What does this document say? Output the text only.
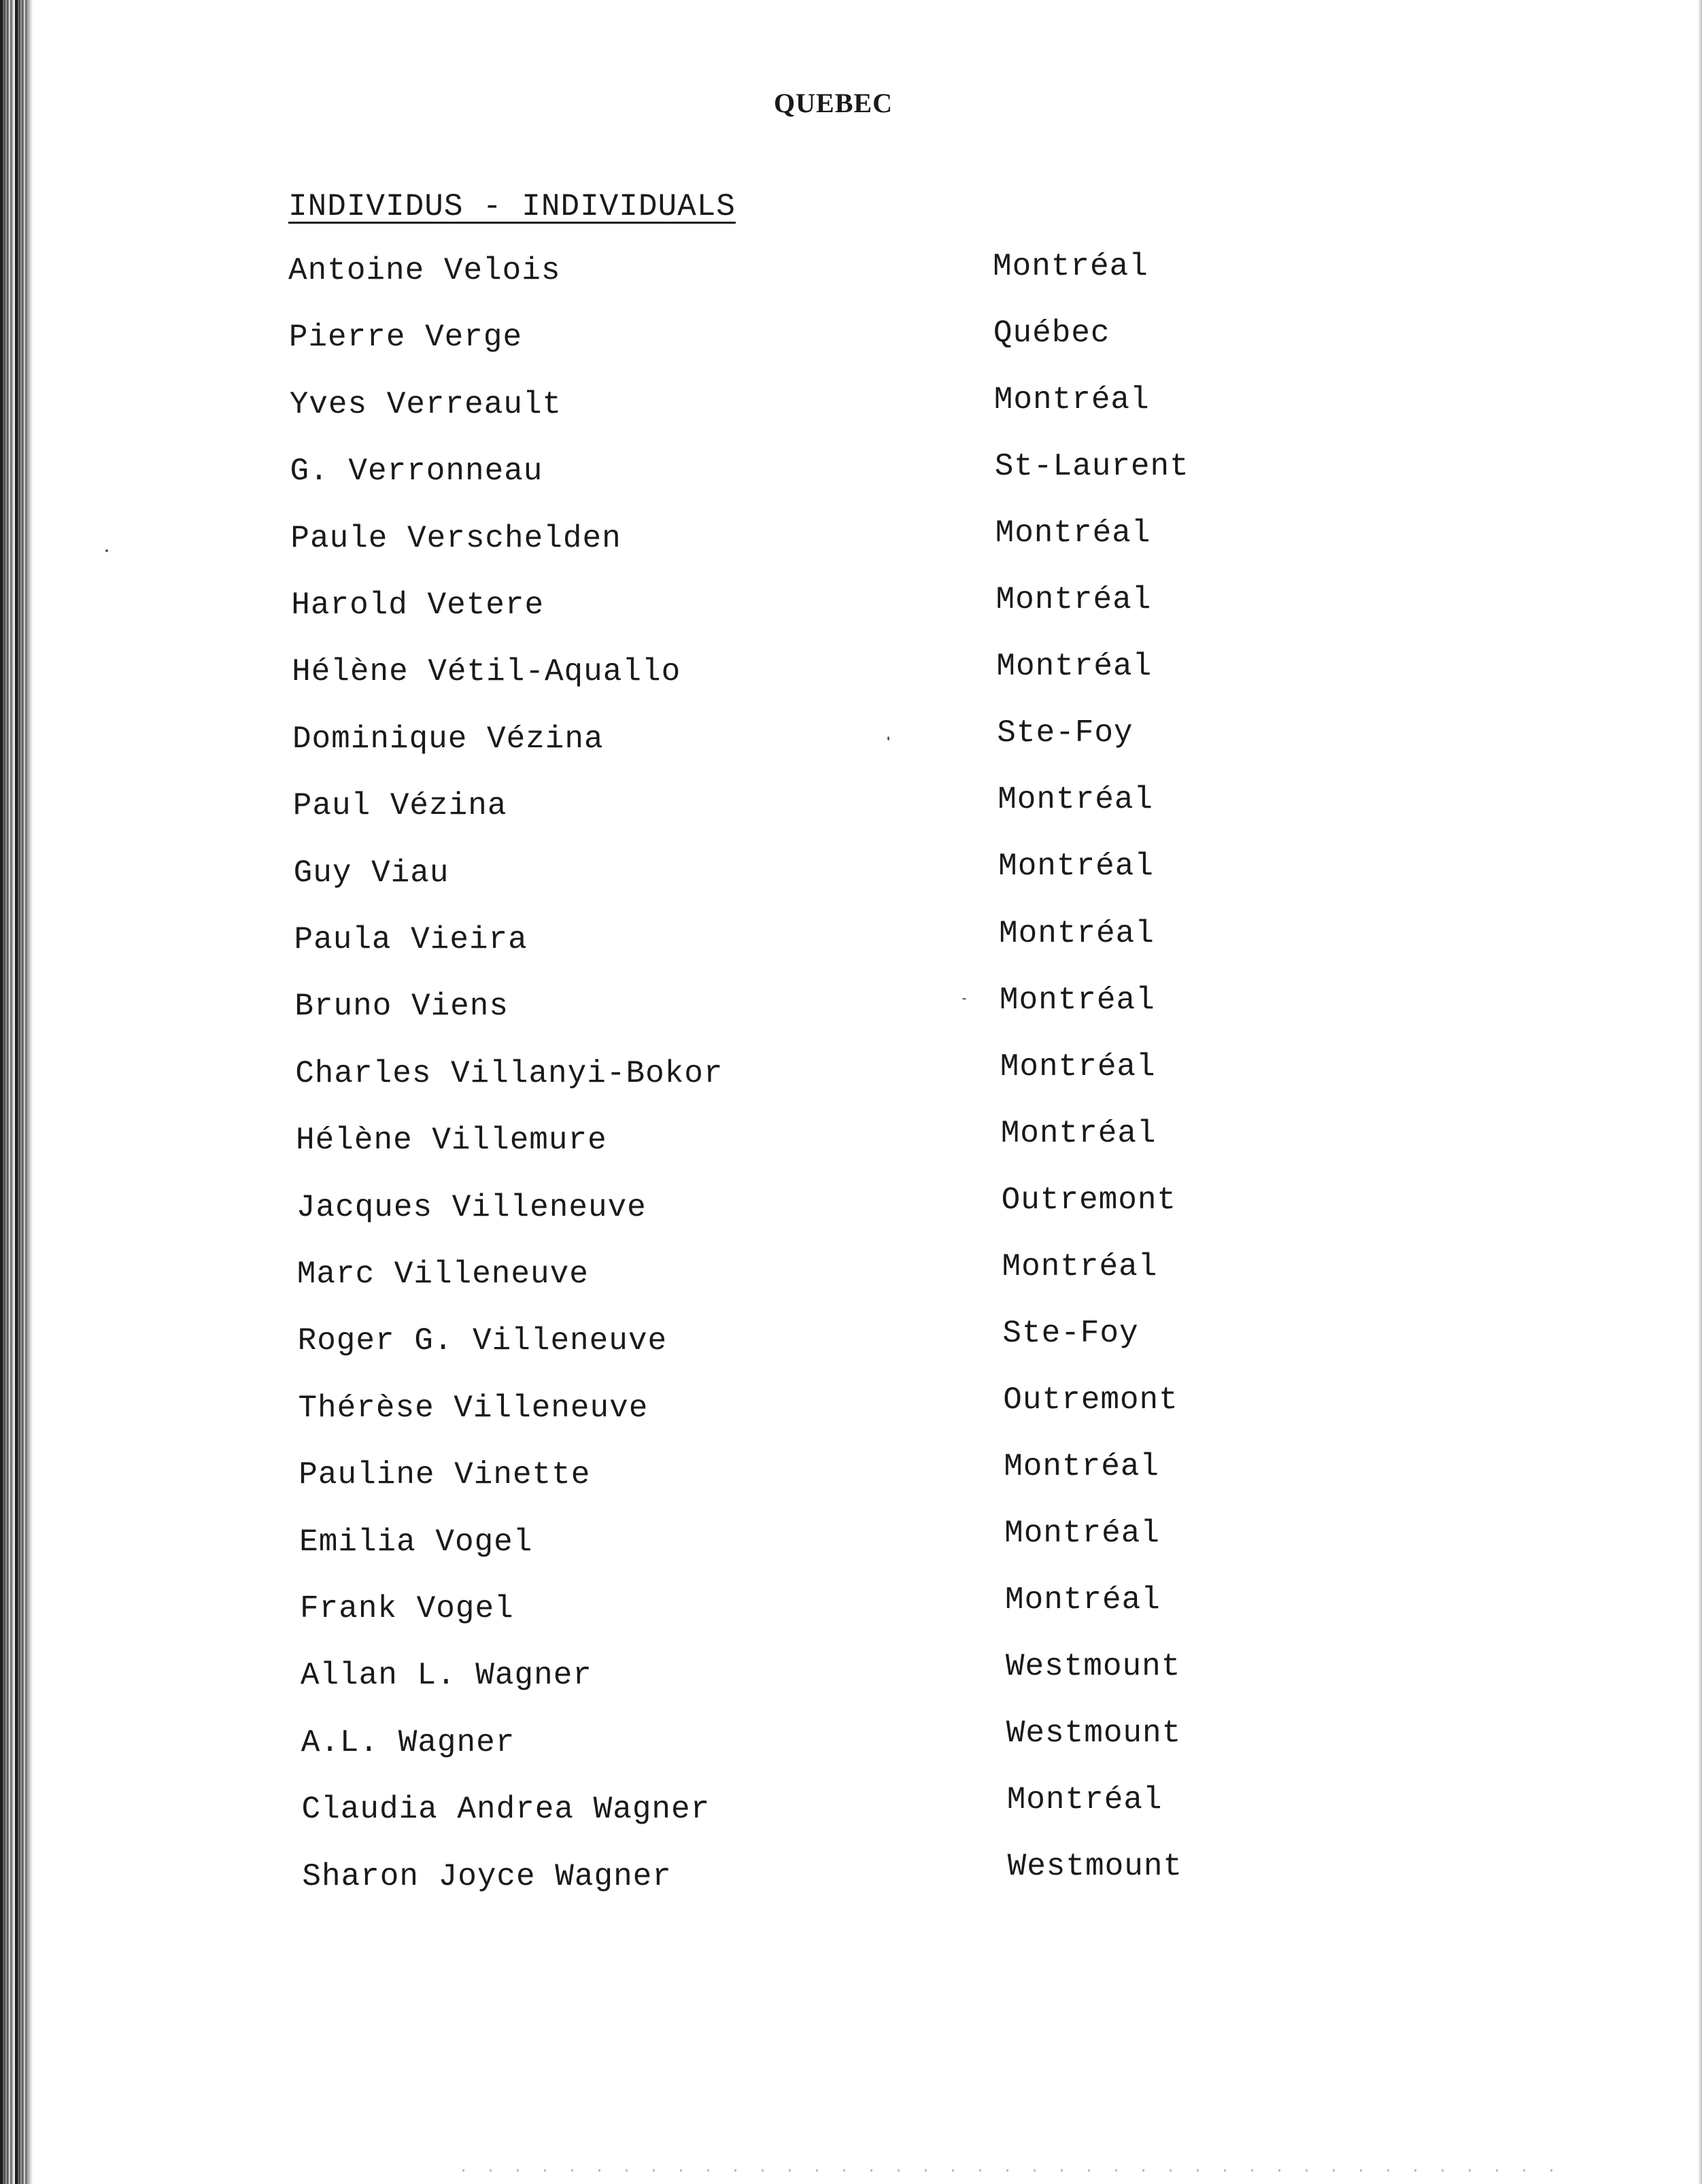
QUEBEC
INDIVIDUS - INDIVIDUALS
Antoine Velois	Montréal
Pierre Verge	Québec
Yves Verreault	Montréal
G. Verronneau	St-Laurent
Paule Verschelden	Montréal
Harold Vetere	Montréal
Hélène Vétil-Aquallo	Montréal
Dominique Vézina	Ste-Foy
Paul Vézina	Montréal
Guy Viau	Montréal
Paula Vieira	Montréal
Bruno Viens	Montréal
Charles Villanyi-Bokor	Montréal
Hélène Villemure	Montréal
Jacques Villeneuve	Outremont
Marc Villeneuve	Montréal
Roger G. Villeneuve	Ste-Foy
Thérèse Villeneuve	Outremont
Pauline Vinette	Montréal
Emilia Vogel	Montréal
Frank Vogel	Montréal
Allan L. Wagner	Westmount
A.L. Wagner	Westmount
Claudia Andrea Wagner	Montréal
Sharon Joyce Wagner	Westmount
